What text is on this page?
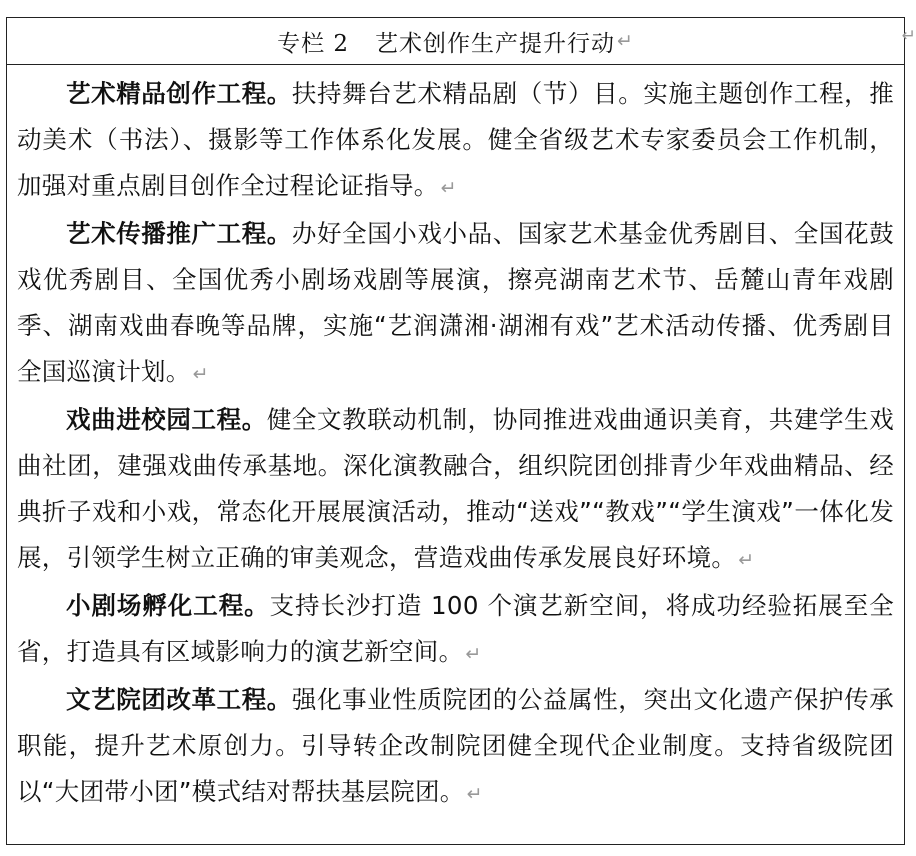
专栏 2 艺术创作生产提升行动 ↵

艺术精品创作工程。扶持舞台艺术精品剧（节）目。实施主题创作工程，推动美术（书法）、摄影等工作体系化发展。健全省级艺术专家委员会工作机制，加强对重点剧目创作全过程论证指导。 ↵

艺术传播推广工程。办好全国小戏小品、国家艺术基金优秀剧目、全国花鼓戏优秀剧目、全国优秀小剧场戏剧等展演，擦亮湖南艺术节、岳麓山青年戏剧季、湖南戏曲春晚等品牌，实施“艺润潇湘·湖湘有戏”艺术活动传播、优秀剧目全国巡演计划。 ↵

戏曲进校园工程。健全文教联动机制，协同推进戏曲通识美育，共建学生戏曲社团，建强戏曲传承基地。深化演教融合，组织院团创排青少年戏曲精品、经典折子戏和小戏，常态化开展展演活动，推动“送戏”“教戏”“学生演戏”一体化发展，引领学生树立正确的审美观念，营造戏曲传承发展良好环境。 ↵

小剧场孵化工程。支持长沙打造 100 个演艺新空间，将成功经验拓展至全省，打造具有区域影响力的演艺新空间。 ↵

文艺院团改革工程。强化事业性质院团的公益属性，突出文化遗产保护传承职能，提升艺术原创力。引导转企改制院团健全现代企业制度。支持省级院团以“大团带小团”模式结对帮扶基层院团。 ↵

↵
